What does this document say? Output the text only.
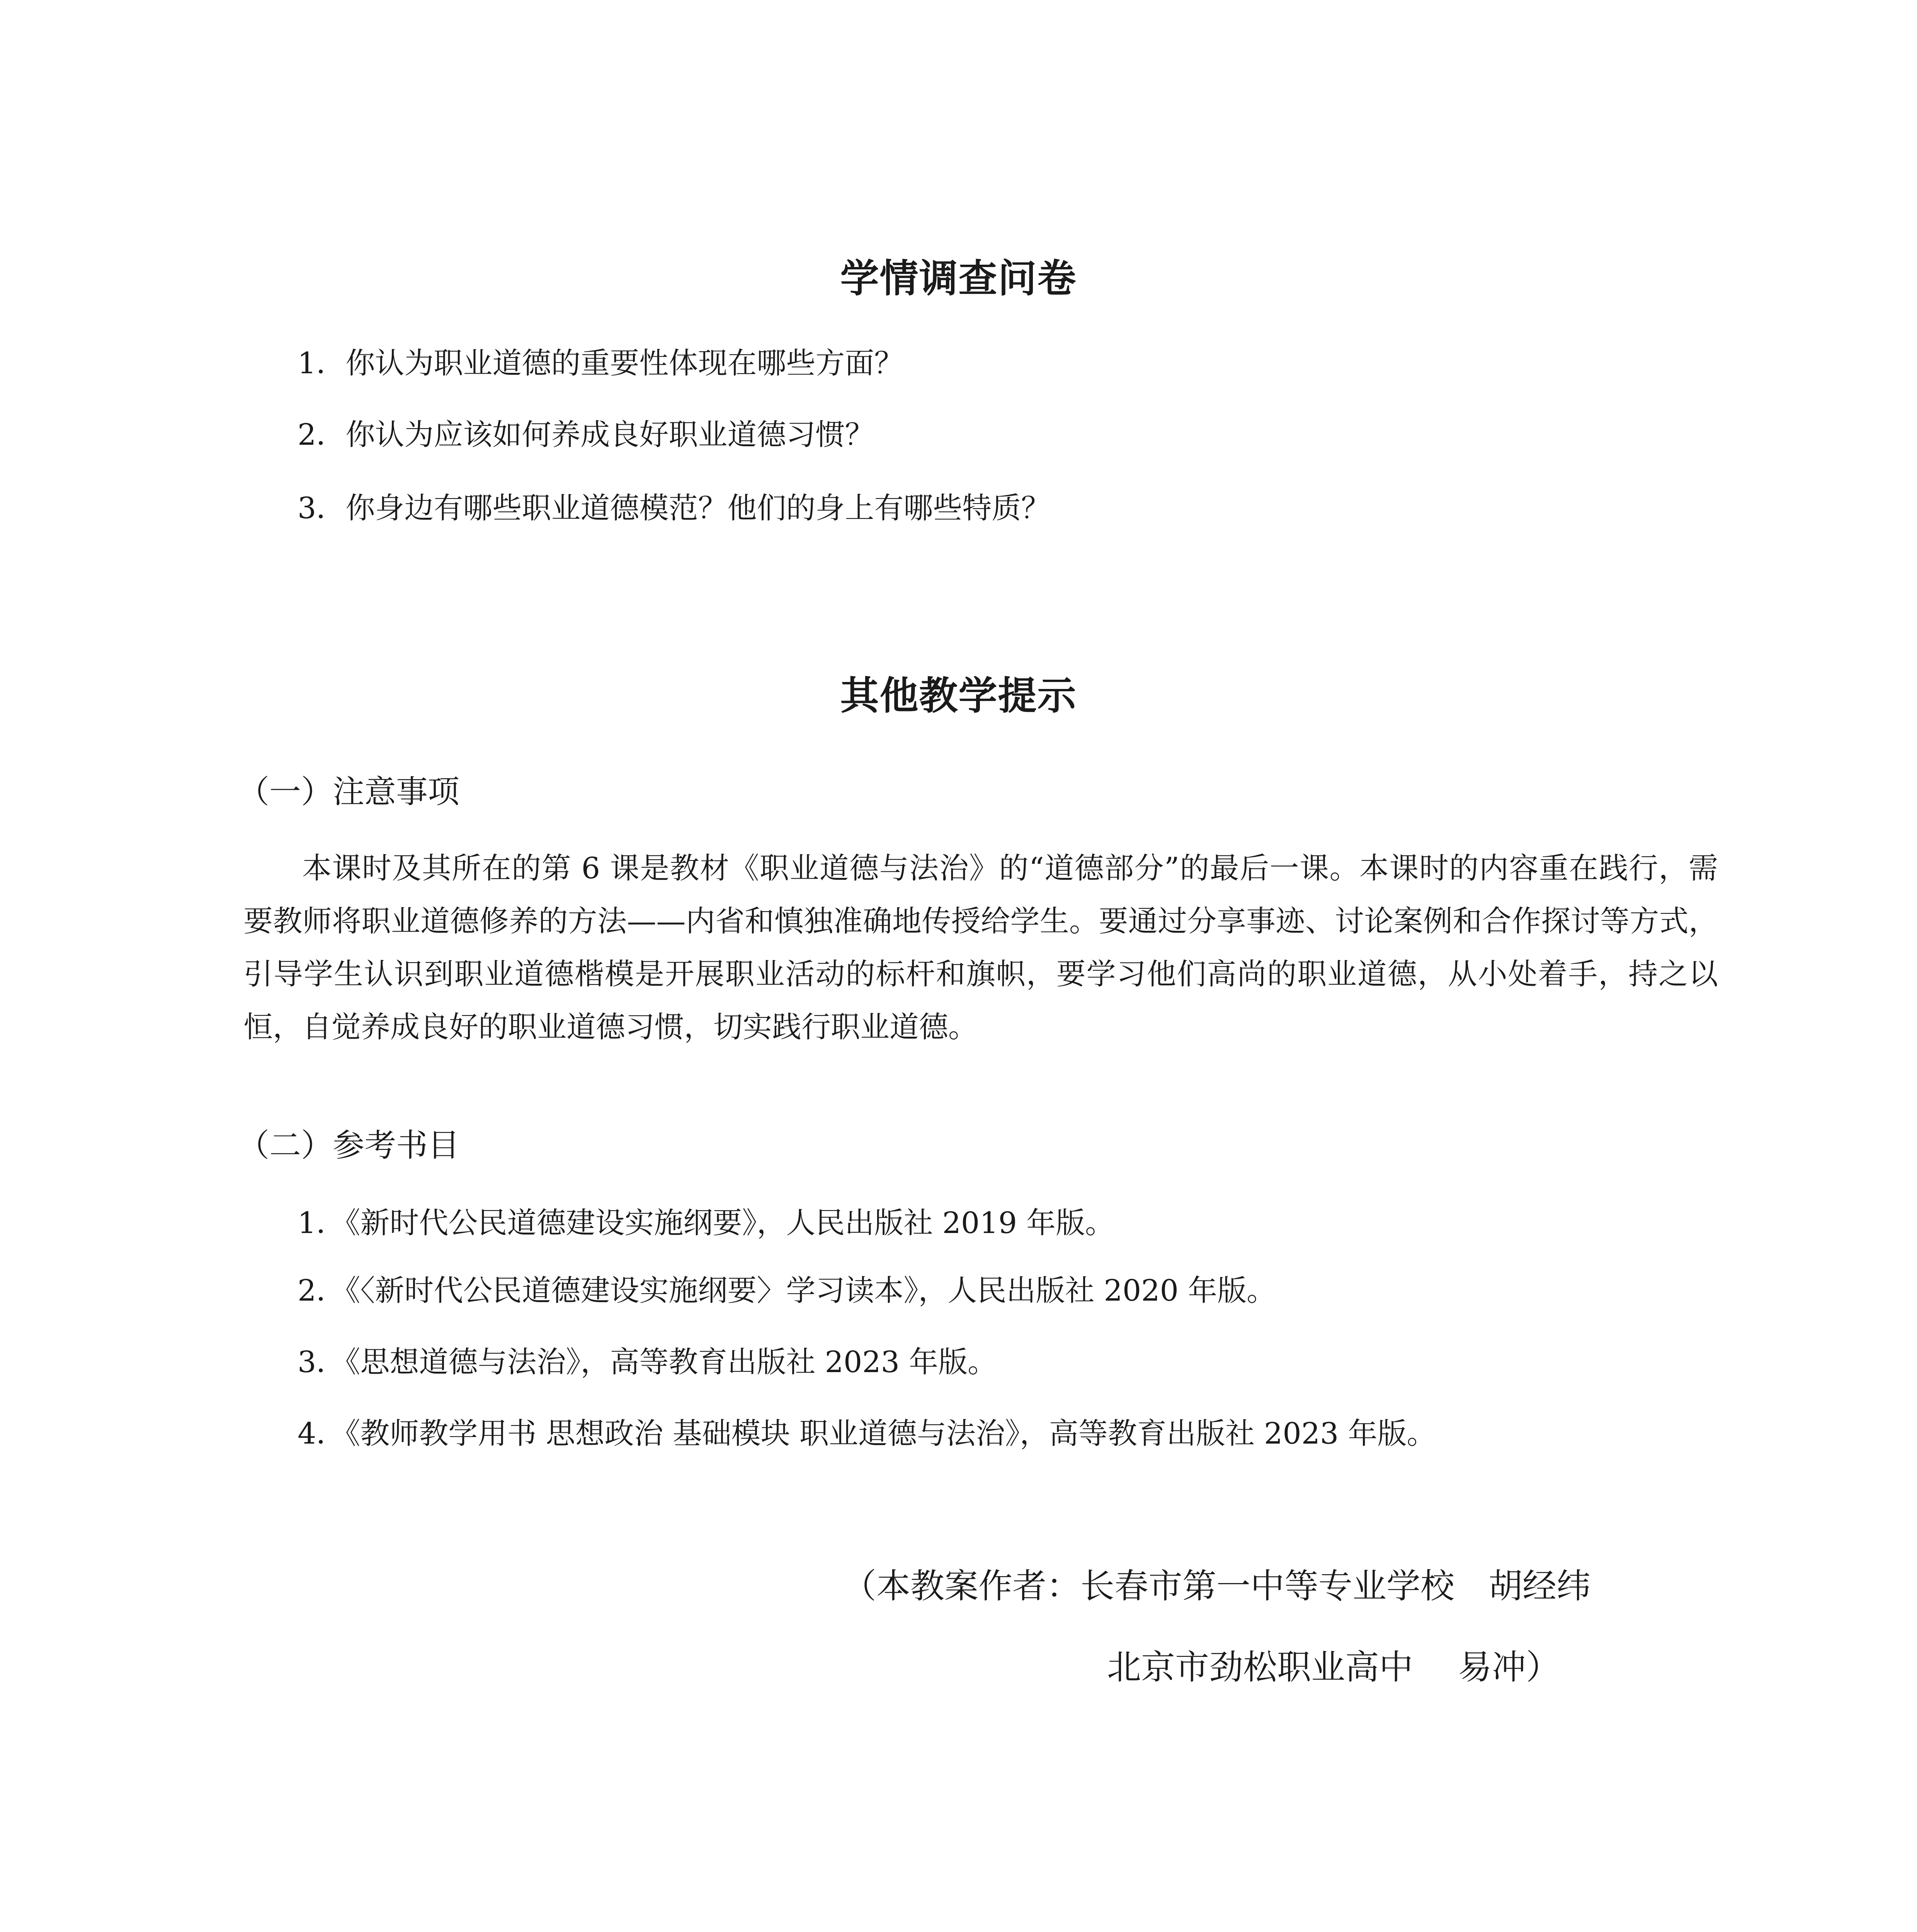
学情调查问卷
1．你认为职业道德的重要性体现在哪些方面？
2．你认为应该如何养成良好职业道德习惯？
3．你身边有哪些职业道德模范？他们的身上有哪些特质？
其他教学提示
（一）注意事项

本课时及其所在的第 6 课是教材《职业道德与法治》的“道德部分”的最后一课。本课时的内容重在践行，需要教师将职业道德修养的方法——内省和慎独准确地传授给学生。要通过分享事迹、讨论案例和合作探讨等方式，引导学生认识到职业道德楷模是开展职业活动的标杆和旗帜，要学习他们高尚的职业道德，从小处着手，持之以恒，自觉养成良好的职业道德习惯，切实践行职业道德。

（二）参考书目
1．《新时代公民道德建设实施纲要》，人民出版社 2019 年版。
2．《〈新时代公民道德建设实施纲要〉学习读本》，人民出版社 2020 年版。
3．《思想道德与法治》，高等教育出版社 2023 年版。
4．《教师教学用书 思想政治 基础模块 职业道德与法治》，高等教育出版社 2023 年版。
（本教案作者：长春市第一中等专业学校　胡经纬
北京市劲松职业高中　 易冲）
